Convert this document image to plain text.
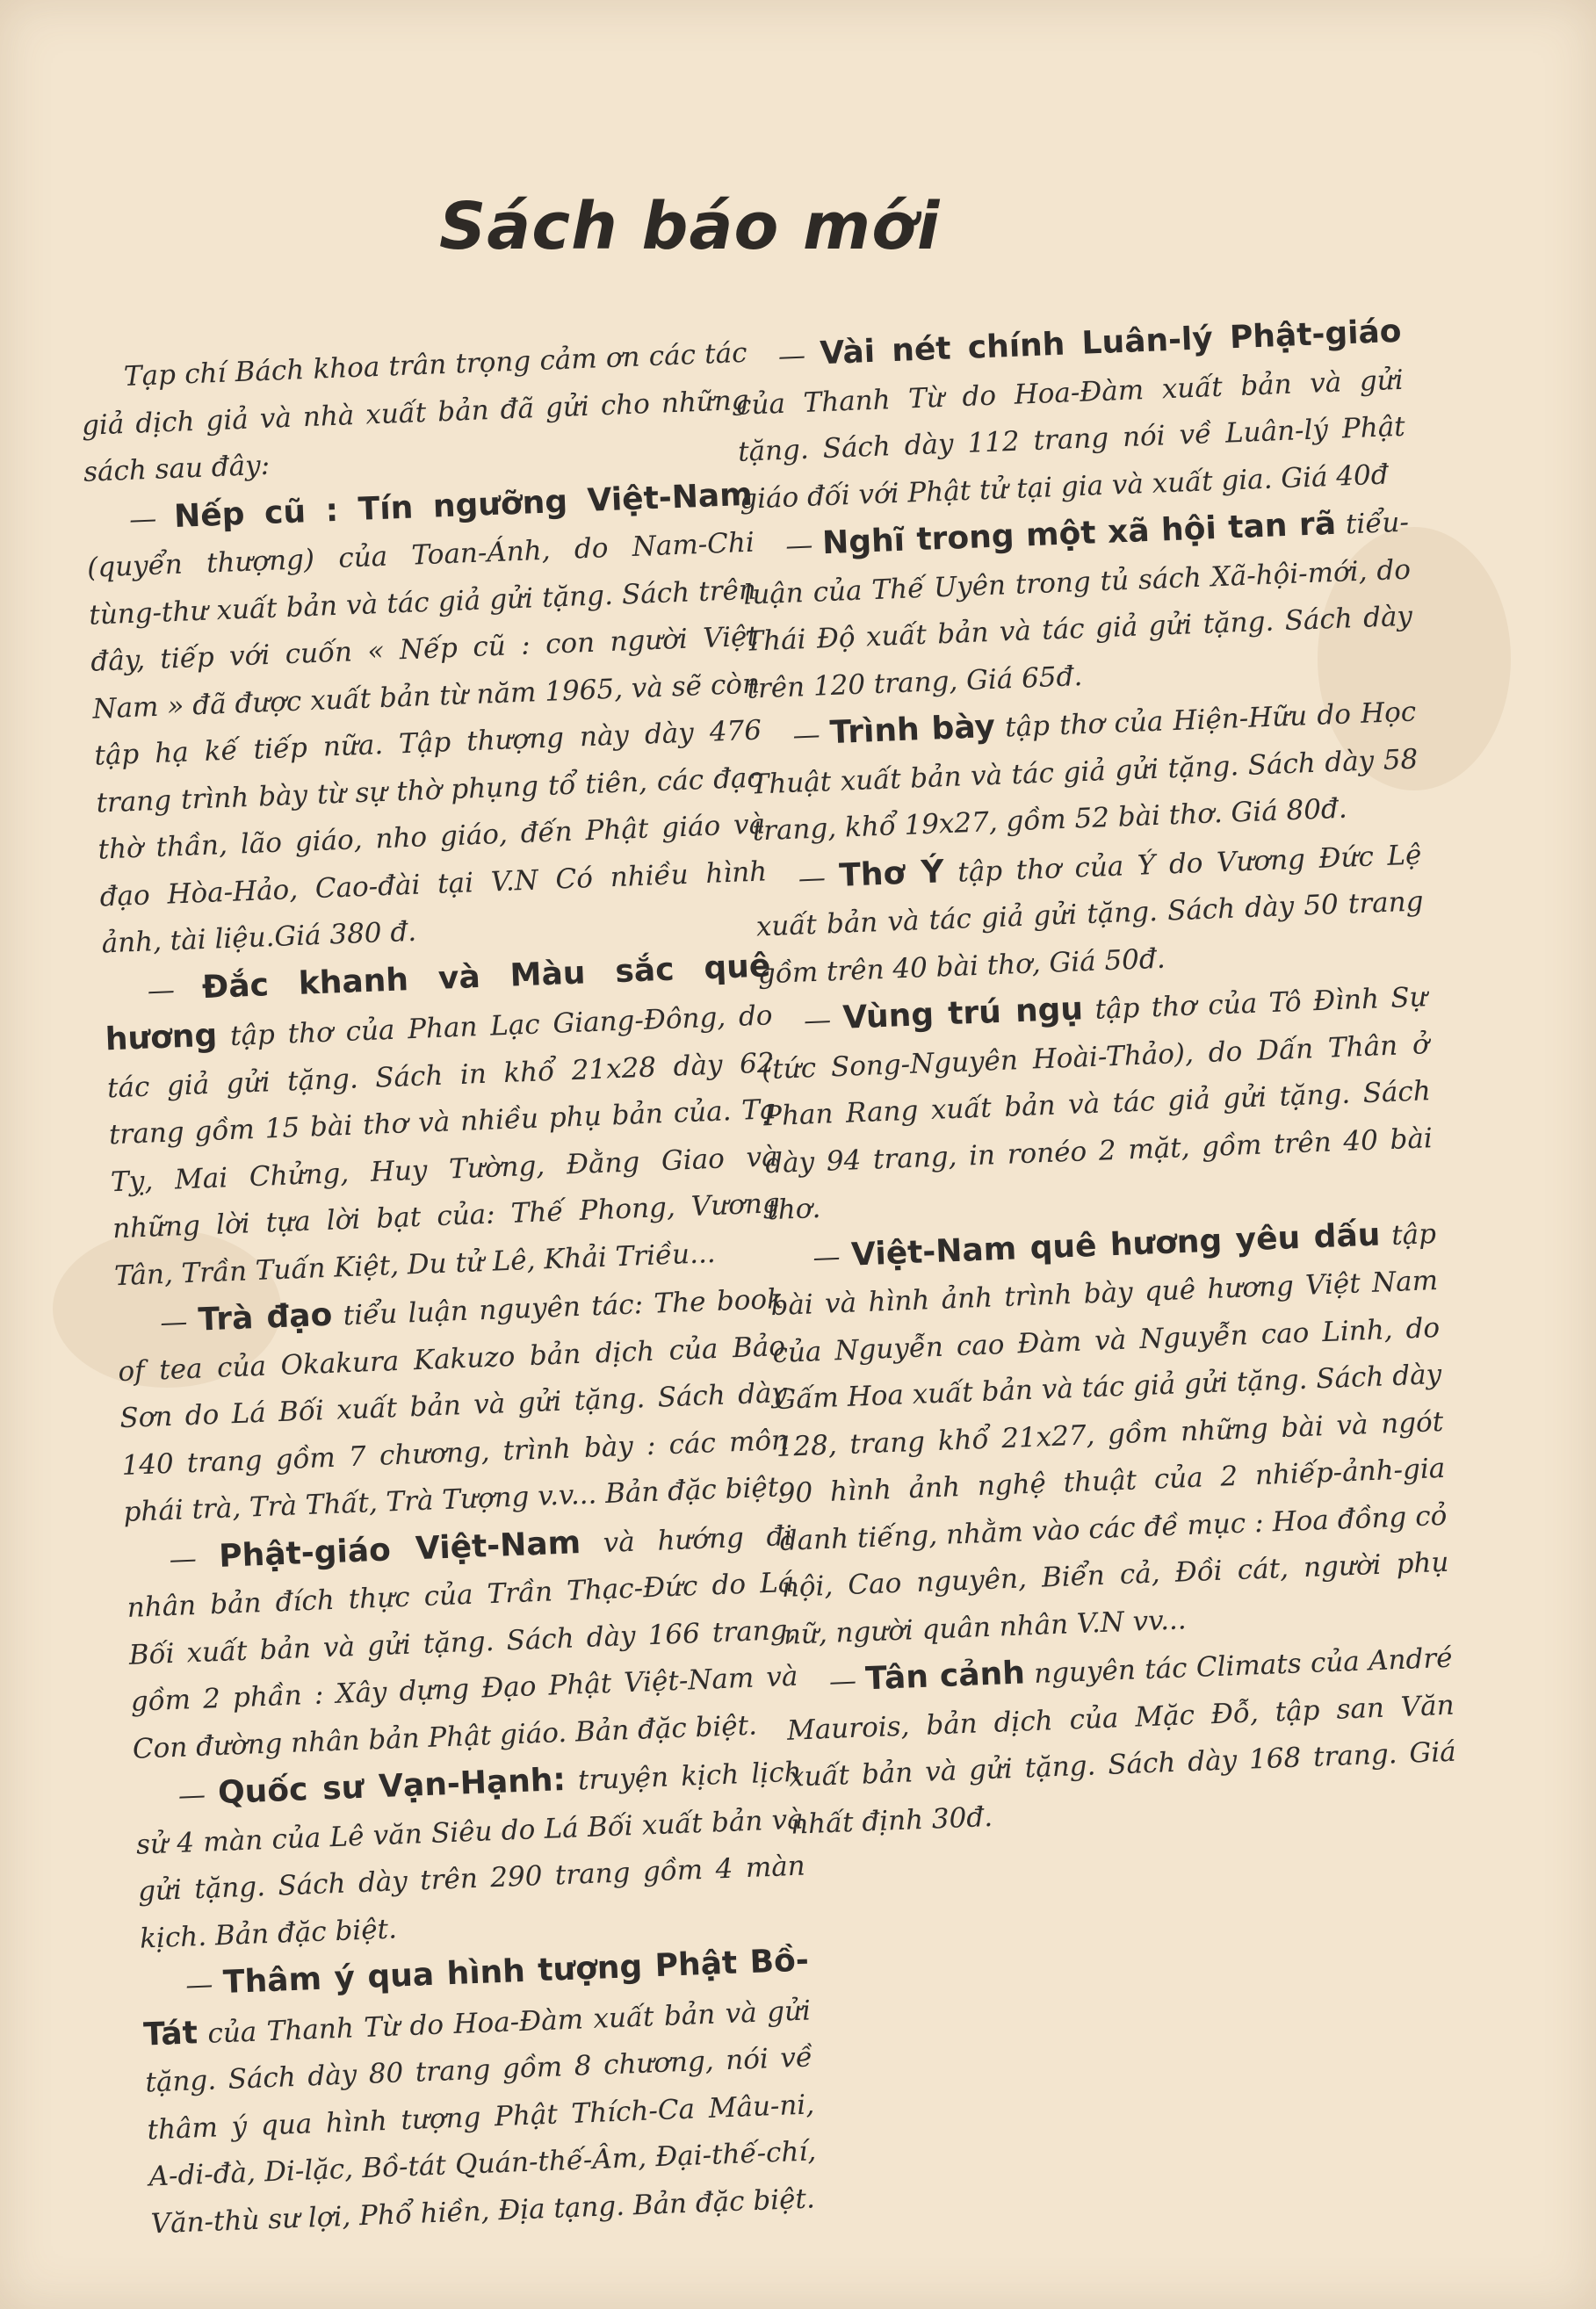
Sách báo mới

Tạp chí Bách khoa trân trọng cảm ơn các tác giả dịch giả và nhà xuất bản đã gửi cho những sách sau đây:

— Nếp cũ : Tín ngưỡng Việt-Nam (quyển thượng) của Toan-Ánh, do Nam-Chi tùng-thư xuất bản và tác giả gửi tặng. Sách trên đây, tiếp với cuốn « Nếp cũ : con người Việt Nam » đã được xuất bản từ năm 1965, và sẽ còn tập hạ kế tiếp nữa. Tập thượng này dày 476 trang trình bày từ sự thờ phụng tổ tiên, các đạo thờ thần, lão giáo, nho giáo, đến Phật giáo và đạo Hòa-Hảo, Cao-đài tại V.N Có nhiều hình ảnh, tài liệu.Giá 380 đ.

— Đắc khanh và Màu sắc quê hương tập thơ của Phan Lạc Giang-Đông, do tác giả gửi tặng. Sách in khổ 21x28 dày 62 trang gồm 15 bài thơ và nhiều phụ bản của. Tạ Tỵ, Mai Chửng, Huy Tường, Đằng Giao và những lời tựa lời bạt của: Thế Phong, Vương Tân, Trần Tuấn Kiệt, Du tử Lê, Khải Triều...

— Trà đạo tiểu luận nguyên tác: The book of tea của Okakura Kakuzo bản dịch của Bảo Sơn do Lá Bối xuất bản và gửi tặng. Sách dày 140 trang gồm 7 chương, trình bày : các môn phái trà, Trà Thất, Trà Tượng v.v... Bản đặc biệt.

— Phật-giáo Việt-Nam và hướng đi nhân bản đích thực của Trần Thạc-Đức do Lá Bối xuất bản và gửi tặng. Sách dày 166 trang, gồm 2 phần : Xây dựng Đạo Phật Việt-Nam và Con đường nhân bản Phật giáo. Bản đặc biệt.

— Quốc sư Vạn-Hạnh: truyện kịch lịch sử 4 màn của Lê văn Siêu do Lá Bối xuất bản và gửi tặng. Sách dày trên 290 trang gồm 4 màn kịch. Bản đặc biệt.

— Thâm ý qua hình tượng Phật Bồ-Tát của Thanh Từ do Hoa-Đàm xuất bản và gửi tặng. Sách dày 80 trang gồm 8 chương, nói về thâm ý qua hình tượng Phật Thích-Ca Mâu-ni, A-di-đà, Di-lặc, Bồ-tát Quán-thế-Âm, Đại-thế-chí, Văn-thù sư lợi, Phổ hiền, Địa tạng. Bản đặc biệt.

— Vài nét chính Luân-lý Phật-giáo của Thanh Từ do Hoa-Đàm xuất bản và gửi tặng. Sách dày 112 trang nói về Luân-lý Phật giáo đối với Phật tử tại gia và xuất gia. Giá 40đ

— Nghĩ trong một xã hội tan rã tiểu-luận của Thế Uyên trong tủ sách Xã-hội-mới, do Thái Độ xuất bản và tác giả gửi tặng. Sách dày trên 120 trang, Giá 65đ.

— Trình bày tập thơ của Hiện-Hữu do Học Thuật xuất bản và tác giả gửi tặng. Sách dày 58 trang, khổ 19x27, gồm 52 bài thơ. Giá 80đ.

— Thơ Ý tập thơ của Ý do Vương Đức Lệ xuất bản và tác giả gửi tặng. Sách dày 50 trang gồm trên 40 bài thơ, Giá 50đ.

— Vùng trú ngụ tập thơ của Tô Đình Sự (tức Song-Nguyên Hoài-Thảo), do Dấn Thân ở Phan Rang xuất bản và tác giả gửi tặng. Sách dày 94 trang, in ronéo 2 mặt, gồm trên 40 bài thơ.

— Việt-Nam quê hương yêu dấu tập bài và hình ảnh trình bày quê hương Việt Nam của Nguyễn cao Đàm và Nguyễn cao Linh, do Gấm Hoa xuất bản và tác giả gửi tặng. Sách dày 128, trang khổ 21x27, gồm những bài và ngót 90 hình ảnh nghệ thuật của 2 nhiếp-ảnh-gia danh tiếng, nhằm vào các đề mục : Hoa đồng cỏ nội, Cao nguyên, Biển cả, Đồi cát, người phụ nữ, người quân nhân V.N vv...

— Tân cảnh nguyên tác Climats của André Maurois, bản dịch của Mặc Đỗ, tập san Văn xuất bản và gửi tặng. Sách dày 168 trang. Giá nhất định 30đ.
